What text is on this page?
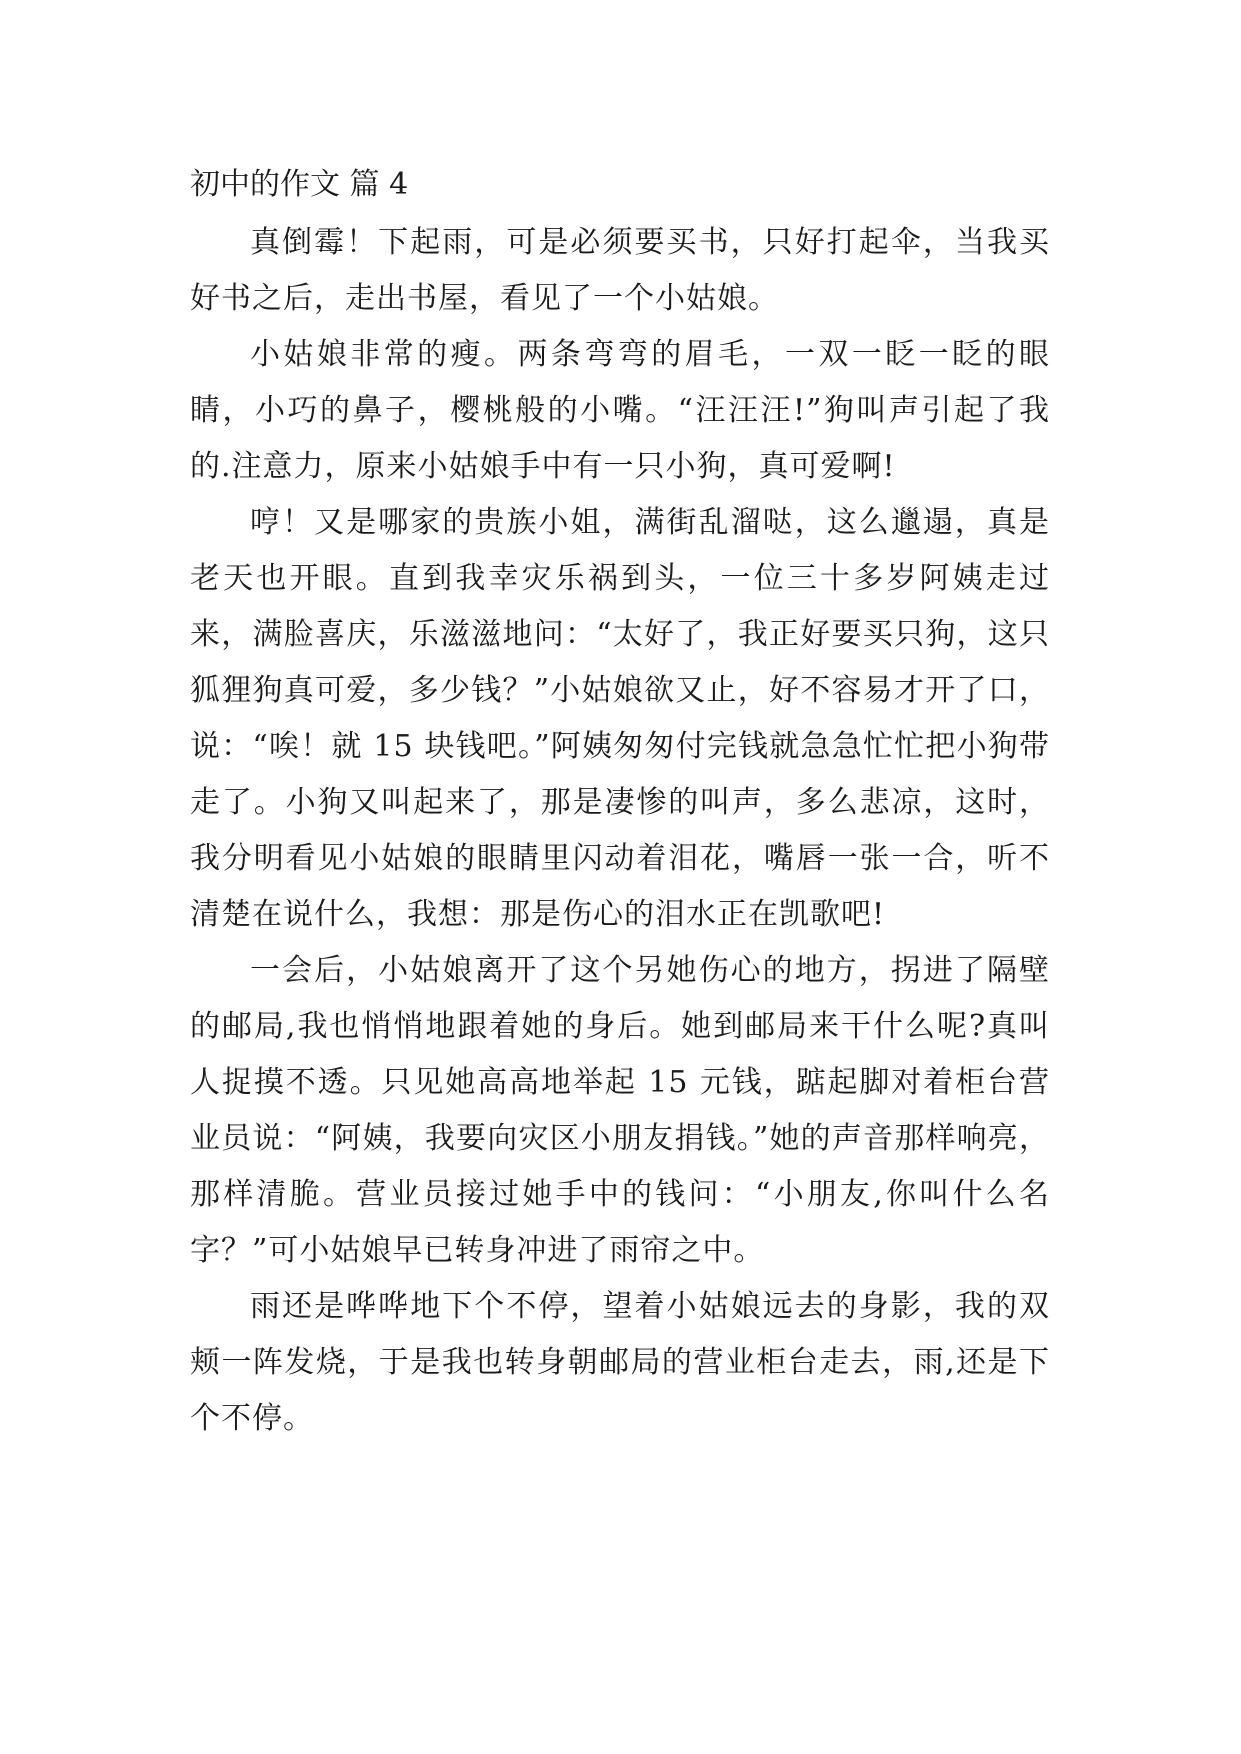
初中的作文 篇 4

真倒霉！下起雨，可是必须要买书，只好打起伞，当我买好书之后，走出书屋，看见了一个小姑娘。

小姑娘非常的瘦。两条弯弯的眉毛，一双一眨一眨的眼睛，小巧的鼻子，樱桃般的小嘴。“汪汪汪!”狗叫声引起了我的.注意力，原来小姑娘手中有一只小狗，真可爱啊!

哼！又是哪家的贵族小姐，满街乱溜哒，这么邋遢，真是老天也开眼。直到我幸灾乐祸到头，一位三十多岁阿姨走过来，满脸喜庆，乐滋滋地问：“太好了，我正好要买只狗，这只狐狸狗真可爱，多少钱？”小姑娘欲又止，好不容易才开了口，说：“唉！就 15 块钱吧。”阿姨匆匆付完钱就急急忙忙把小狗带走了。小狗又叫起来了，那是凄惨的叫声，多么悲凉，这时，我分明看见小姑娘的眼睛里闪动着泪花，嘴唇一张一合，听不清楚在说什么，我想：那是伤心的泪水正在凯歌吧!

一会后，小姑娘离开了这个另她伤心的地方，拐进了隔壁的邮局,我也悄悄地跟着她的身后。她到邮局来干什么呢?真叫人捉摸不透。只见她高高地举起 15 元钱，踮起脚对着柜台营业员说：“阿姨，我要向灾区小朋友捐钱。”她的声音那样响亮，那样清脆。营业员接过她手中的钱问：“小朋友,你叫什么名字？”可小姑娘早已转身冲进了雨帘之中。

雨还是哗哗地下个不停，望着小姑娘远去的身影，我的双颊一阵发烧，于是我也转身朝邮局的营业柜台走去，雨,还是下个不停。
